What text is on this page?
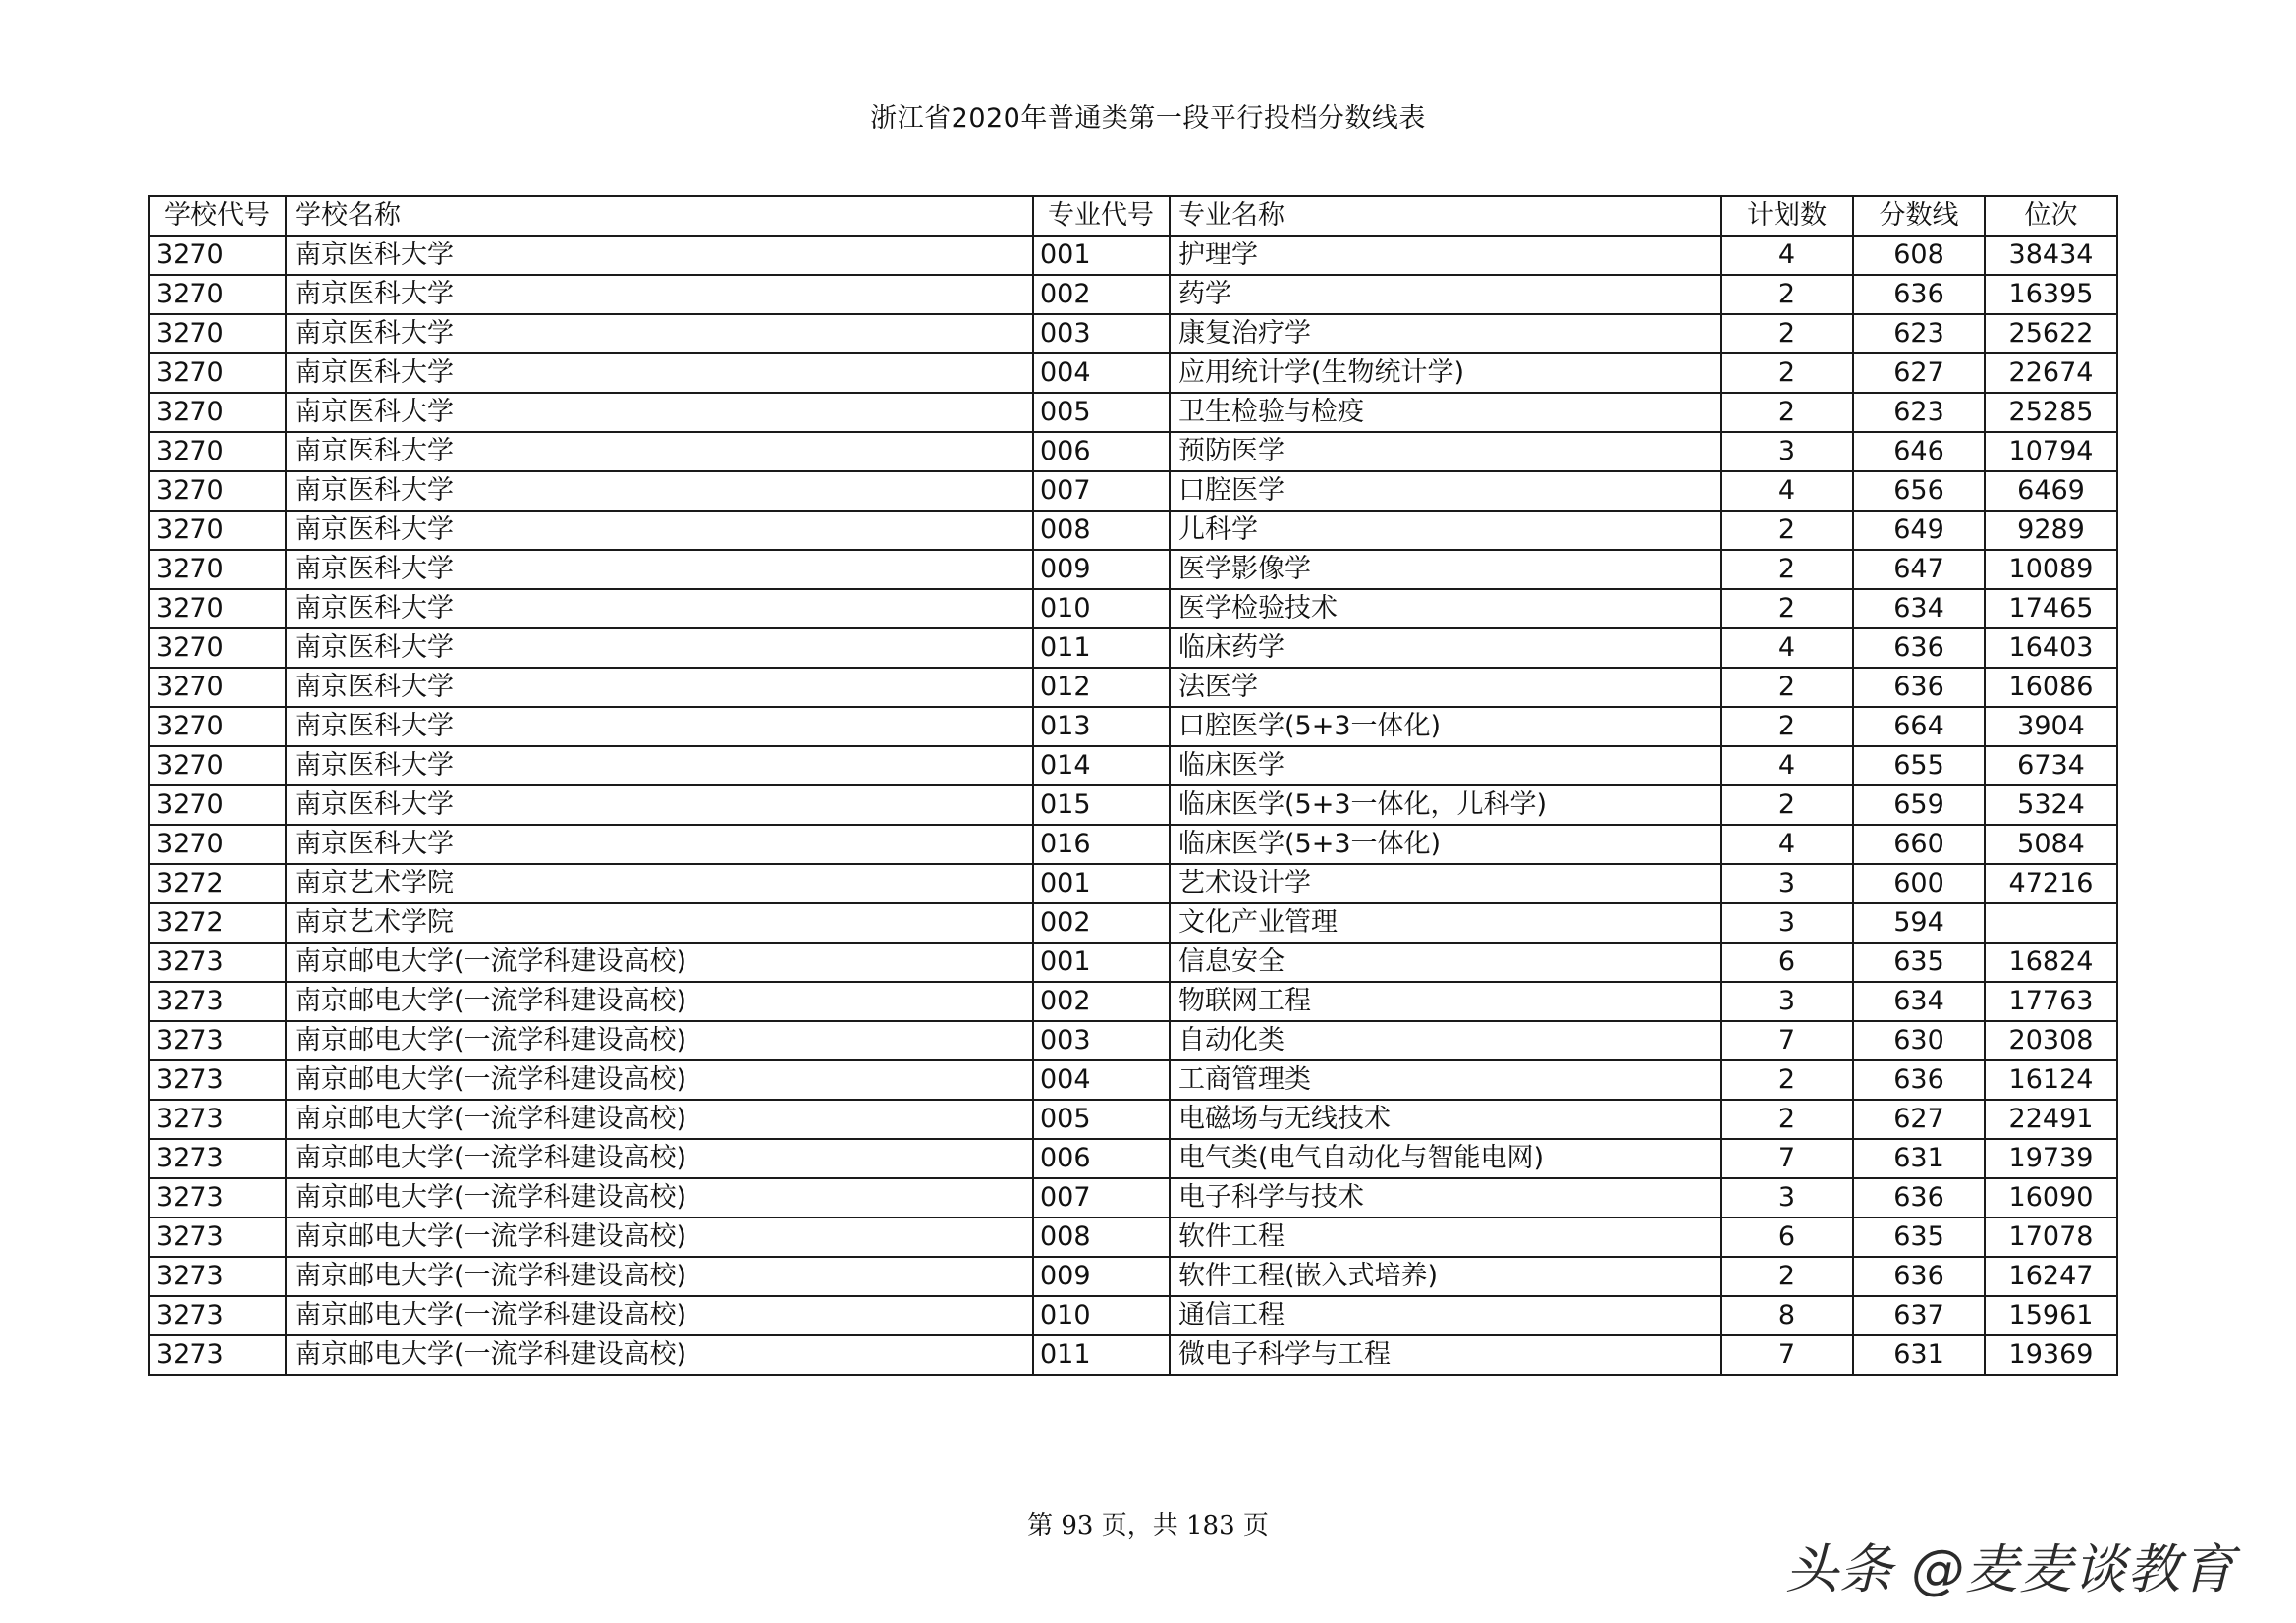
浙江省2020年普通类第一段平行投档分数线表
学校代号	学校名称	专业代号	专业名称	计划数	分数线	位次
3270	南京医科大学	001	护理学	4	608	38434
3270	南京医科大学	002	药学	2	636	16395
3270	南京医科大学	003	康复治疗学	2	623	25622
3270	南京医科大学	004	应用统计学(生物统计学)	2	627	22674
3270	南京医科大学	005	卫生检验与检疫	2	623	25285
3270	南京医科大学	006	预防医学	3	646	10794
3270	南京医科大学	007	口腔医学	4	656	6469
3270	南京医科大学	008	儿科学	2	649	9289
3270	南京医科大学	009	医学影像学	2	647	10089
3270	南京医科大学	010	医学检验技术	2	634	17465
3270	南京医科大学	011	临床药学	4	636	16403
3270	南京医科大学	012	法医学	2	636	16086
3270	南京医科大学	013	口腔医学(5+3一体化)	2	664	3904
3270	南京医科大学	014	临床医学	4	655	6734
3270	南京医科大学	015	临床医学(5+3一体化，儿科学)	2	659	5324
3270	南京医科大学	016	临床医学(5+3一体化)	4	660	5084
3272	南京艺术学院	001	艺术设计学	3	600	47216
3272	南京艺术学院	002	文化产业管理	3	594	
3273	南京邮电大学(一流学科建设高校)	001	信息安全	6	635	16824
3273	南京邮电大学(一流学科建设高校)	002	物联网工程	3	634	17763
3273	南京邮电大学(一流学科建设高校)	003	自动化类	7	630	20308
3273	南京邮电大学(一流学科建设高校)	004	工商管理类	2	636	16124
3273	南京邮电大学(一流学科建设高校)	005	电磁场与无线技术	2	627	22491
3273	南京邮电大学(一流学科建设高校)	006	电气类(电气自动化与智能电网)	7	631	19739
3273	南京邮电大学(一流学科建设高校)	007	电子科学与技术	3	636	16090
3273	南京邮电大学(一流学科建设高校)	008	软件工程	6	635	17078
3273	南京邮电大学(一流学科建设高校)	009	软件工程(嵌入式培养)	2	636	16247
3273	南京邮电大学(一流学科建设高校)	010	通信工程	8	637	15961
3273	南京邮电大学(一流学科建设高校)	011	微电子科学与工程	7	631	19369
第 93 页，共 183 页
头条 @麦麦谈教育
